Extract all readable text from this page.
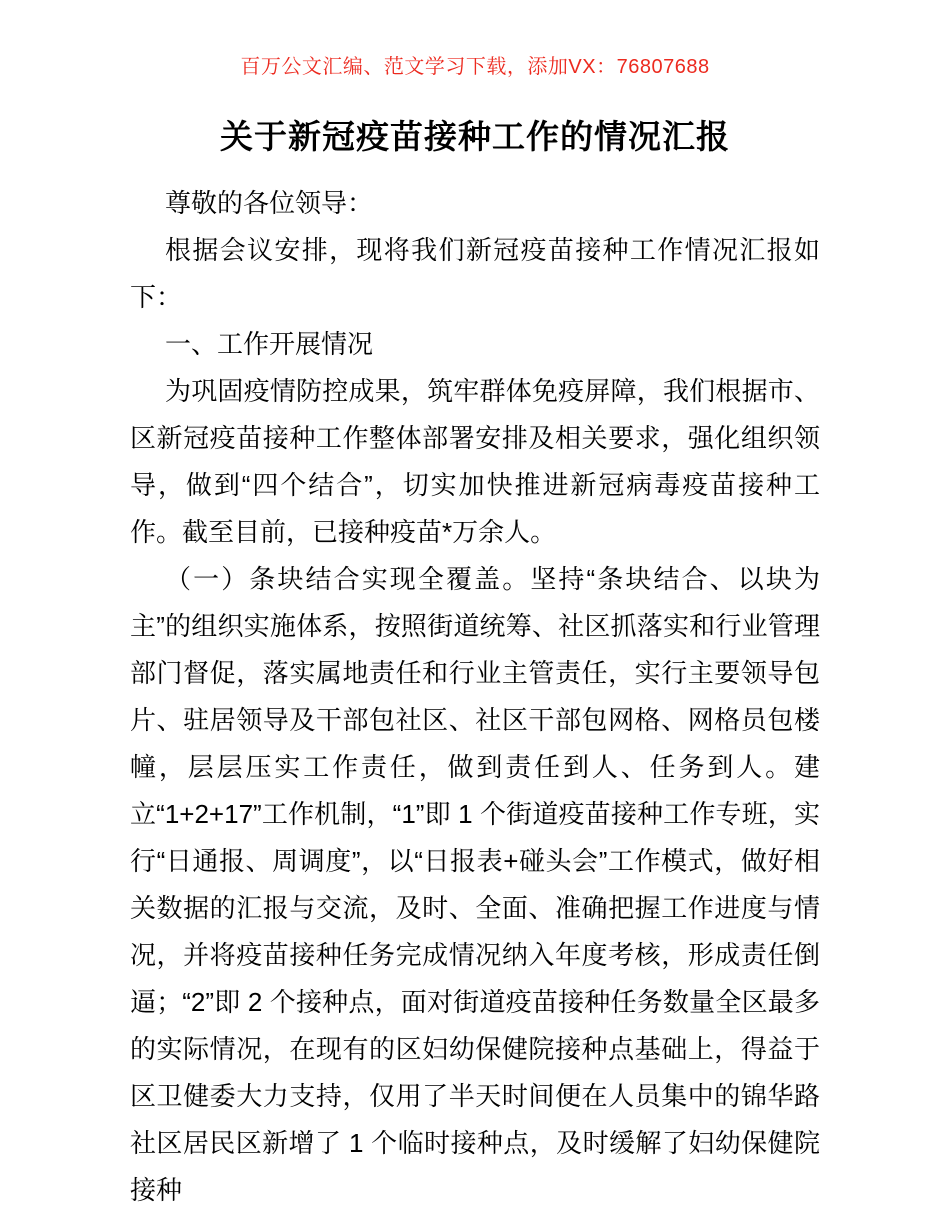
百万公文汇编、范文学习下载，添加VX：76807688
关于新冠疫苗接种工作的情况汇报

尊敬的各位领导：

根据会议安排，现将我们新冠疫苗接种工作情况汇报如下：

一、工作开展情况

为巩固疫情防控成果，筑牢群体免疫屏障，我们根据市、区新冠疫苗接种工作整体部署安排及相关要求，强化组织领导，做到“四个结合”，切实加快推进新冠病毒疫苗接种工作。截至目前，已接种疫苗*万余人。

（一）条块结合实现全覆盖。坚持“条块结合、以块为主”的组织实施体系，按照街道统筹、社区抓落实和行业管理部门督促，落实属地责任和行业主管责任，实行主要领导包片、驻居领导及干部包社区、社区干部包网格、网格员包楼幢，层层压实工作责任，做到责任到人、任务到人。建立“1+2+17”工作机制，“1”即 1 个街道疫苗接种工作专班，实行“日通报、周调度”，以“日报表+碰头会”工作模式，做好相关数据的汇报与交流，及时、全面、准确把握工作进度与情况，并将疫苗接种任务完成情况纳入年度考核，形成责任倒逼；“2”即 2 个接种点，面对街道疫苗接种任务数量全区最多的实际情况，在现有的区妇幼保健院接种点基础上，得益于区卫健委大力支持，仅用了半天时间便在人员集中的锦华路社区居民区新增了 1 个临时接种点，及时缓解了妇幼保健院接种
